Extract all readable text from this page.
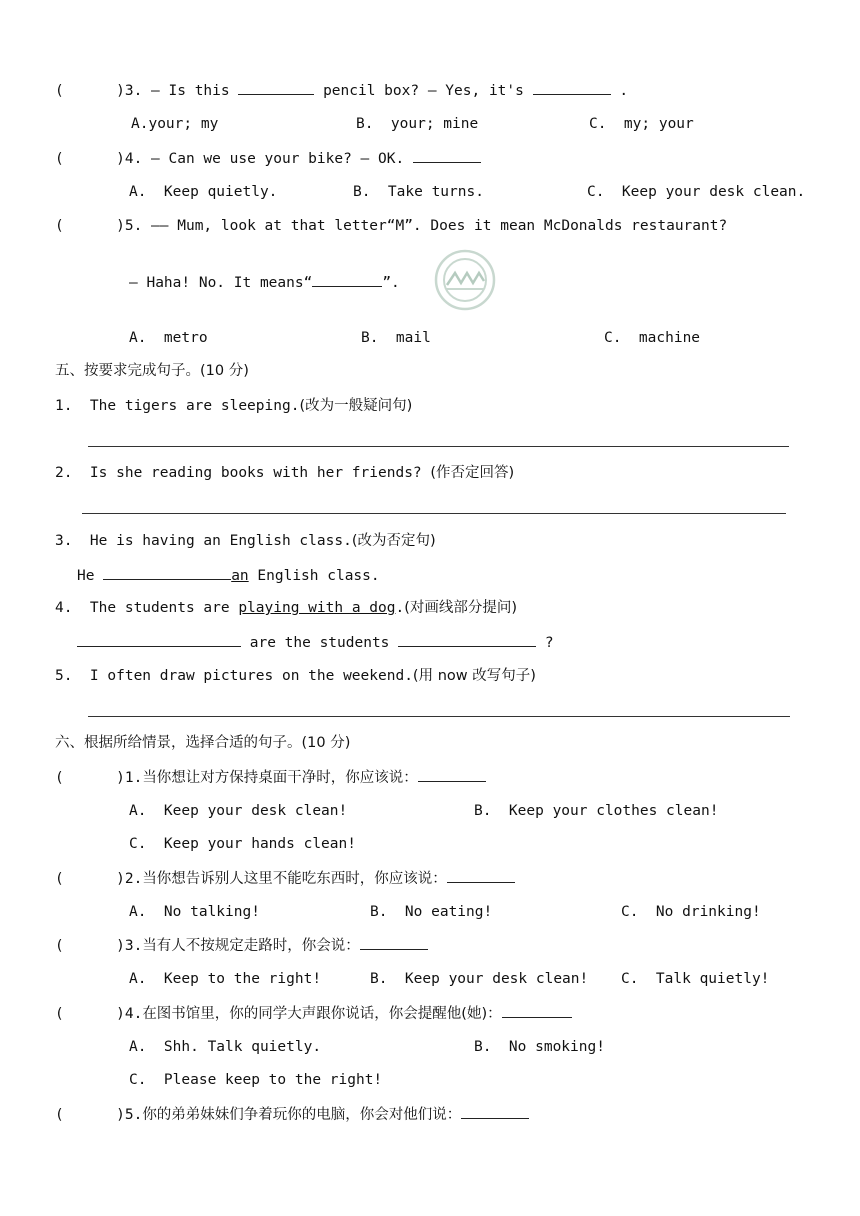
(      )3. — Is this	pencil box? — Yes, it's	.
A.your; my	B.  your; mine	C.  my; your
(      )4. — Can we use your bike? — OK.
A.  Keep quietly.	B.  Take turns.	C.  Keep your desk clean.
(      )5. —— Mum, look at that letter“M”. Does it mean McDonalds restaurant?
— Haha! No. It means“	”.
A.  metro	B.  mail	C.  machine
五、按要求完成句子。(10 分)
1.  The tigers are sleeping.(改为一般疑问句)
2.  Is she reading books with her friends? (作否定回答)
3.  He is having an English class.(改为否定句)
He	an English class.
4.  The students are playing with a dog.(对画线部分提问)
are the students	?
5.  I often draw pictures on the weekend.(用 now 改写句子)
六、根据所给情景，选择合适的句子。(10 分)
(      )1.当你想让对方保持桌面干净时，你应该说：
A.  Keep your desk clean!	B.  Keep your clothes clean!
C.  Keep your hands clean!
(      )2.当你想告诉别人这里不能吃东西时，你应该说：
A.  No talking!	B.  No eating!	C.  No drinking!
(      )3.当有人不按规定走路时，你会说：
A.  Keep to the right!	B.  Keep your desk clean! C.  Talk quietly!
(      )4.在图书馆里，你的同学大声跟你说话，你会提醒他(她)：
A.  Shh. Talk quietly.	B.  No smoking!
C.  Please keep to the right!
(      )5.你的弟弟妹妹们争着玩你的电脑，你会对他们说：
